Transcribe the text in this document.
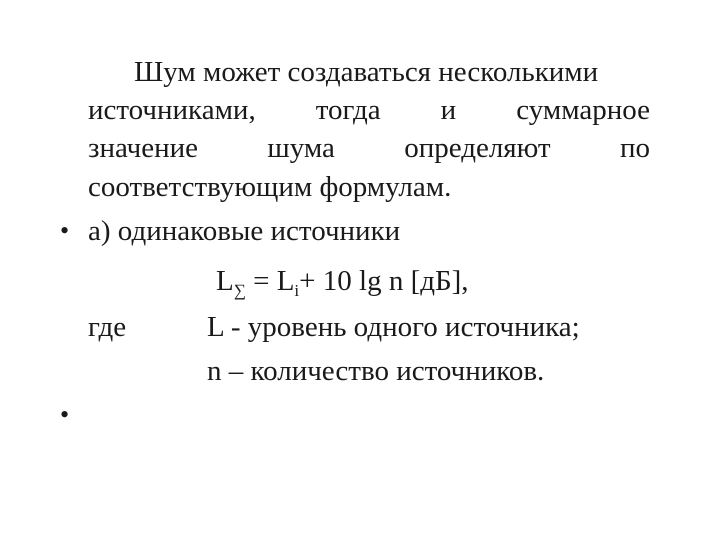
Шум может создаваться несколькими
источниками, тогда и суммарное
значение шума определяют по
соответствующим формулам.
• а) одинаковые источники
$L_\sum = L_i+ 10$ lg n [дБ],
где	L - уровень одного источника;
n – количество источников.
•
